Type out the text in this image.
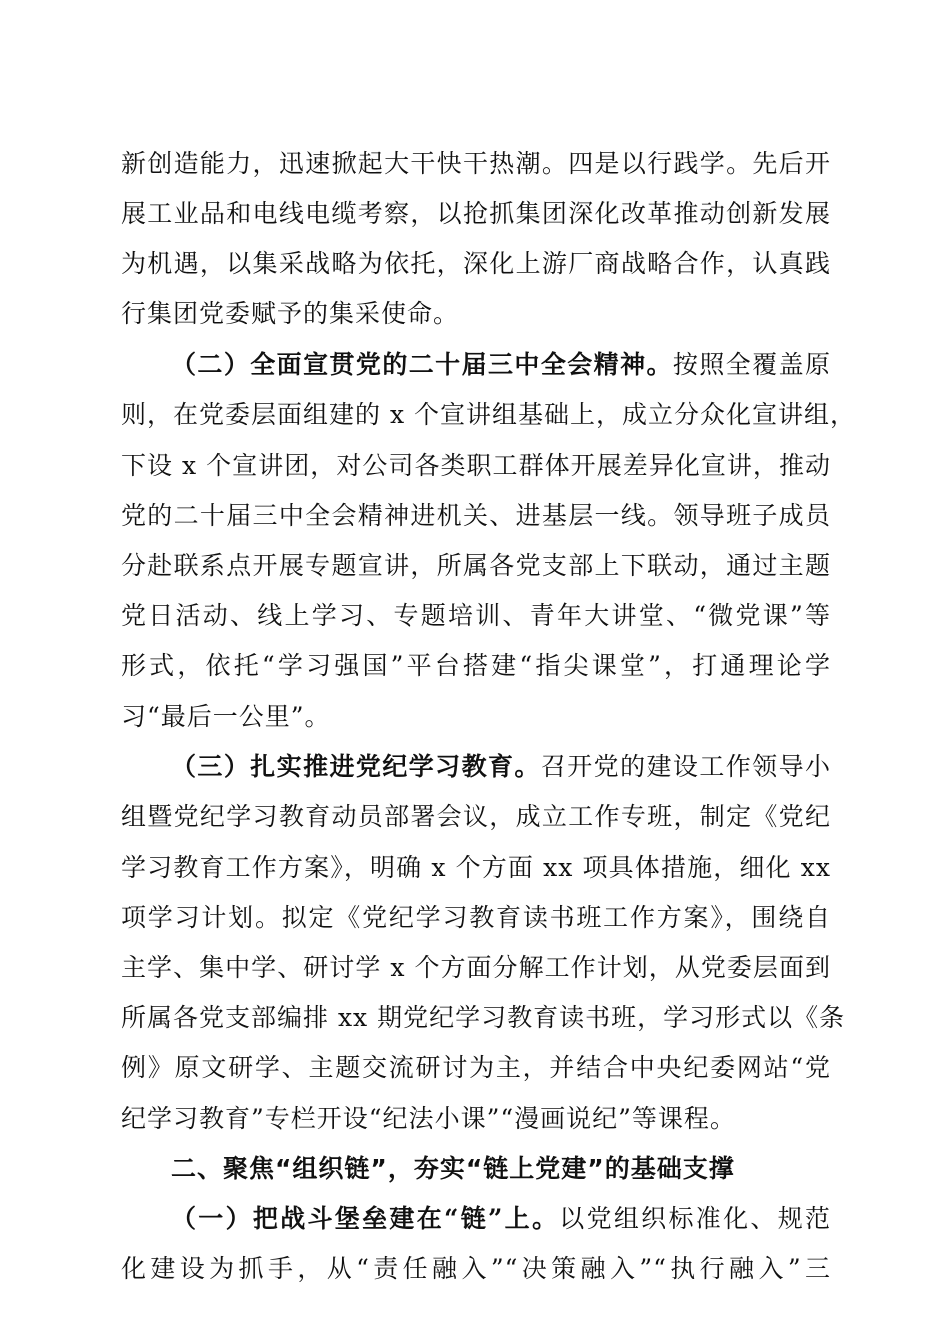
新创造能力，迅速掀起大干快干热潮。四是以行践学。先后开
展工业品和电线电缆考察，以抢抓集团深化改革推动创新发展
为机遇，以集采战略为依托，深化上游厂商战略合作，认真践
行集团党委赋予的集采使命。
（二）全面宣贯党的二十届三中全会精神。按照全覆盖原
则，在党委层面组建的 x 个宣讲组基础上，成立分众化宣讲组，
下设 x 个宣讲团，对公司各类职工群体开展差异化宣讲，推动
党的二十届三中全会精神进机关、进基层一线。领导班子成员
分赴联系点开展专题宣讲，所属各党支部上下联动，通过主题
党日活动、线上学习、专题培训、青年大讲堂、“微党课”等
形式，依托“学习强国”平台搭建“指尖课堂”，打通理论学
习“最后一公里”。
（三）扎实推进党纪学习教育。召开党的建设工作领导小
组暨党纪学习教育动员部署会议，成立工作专班，制定《党纪
学习教育工作方案》，明确 x 个方面 xx 项具体措施，细化 xx
项学习计划。拟定《党纪学习教育读书班工作方案》，围绕自
主学、集中学、研讨学 x 个方面分解工作计划，从党委层面到
所属各党支部编排 xx 期党纪学习教育读书班，学习形式以《条
例》原文研学、主题交流研讨为主，并结合中央纪委网站“党
纪学习教育”专栏开设“纪法小课”“漫画说纪”等课程。
二、聚焦“组织链”，夯实“链上党建”的基础支撑
（一）把战斗堡垒建在“链”上。以党组织标准化、规范
化建设为抓手，从“责任融入”“决策融入”“执行融入”三
